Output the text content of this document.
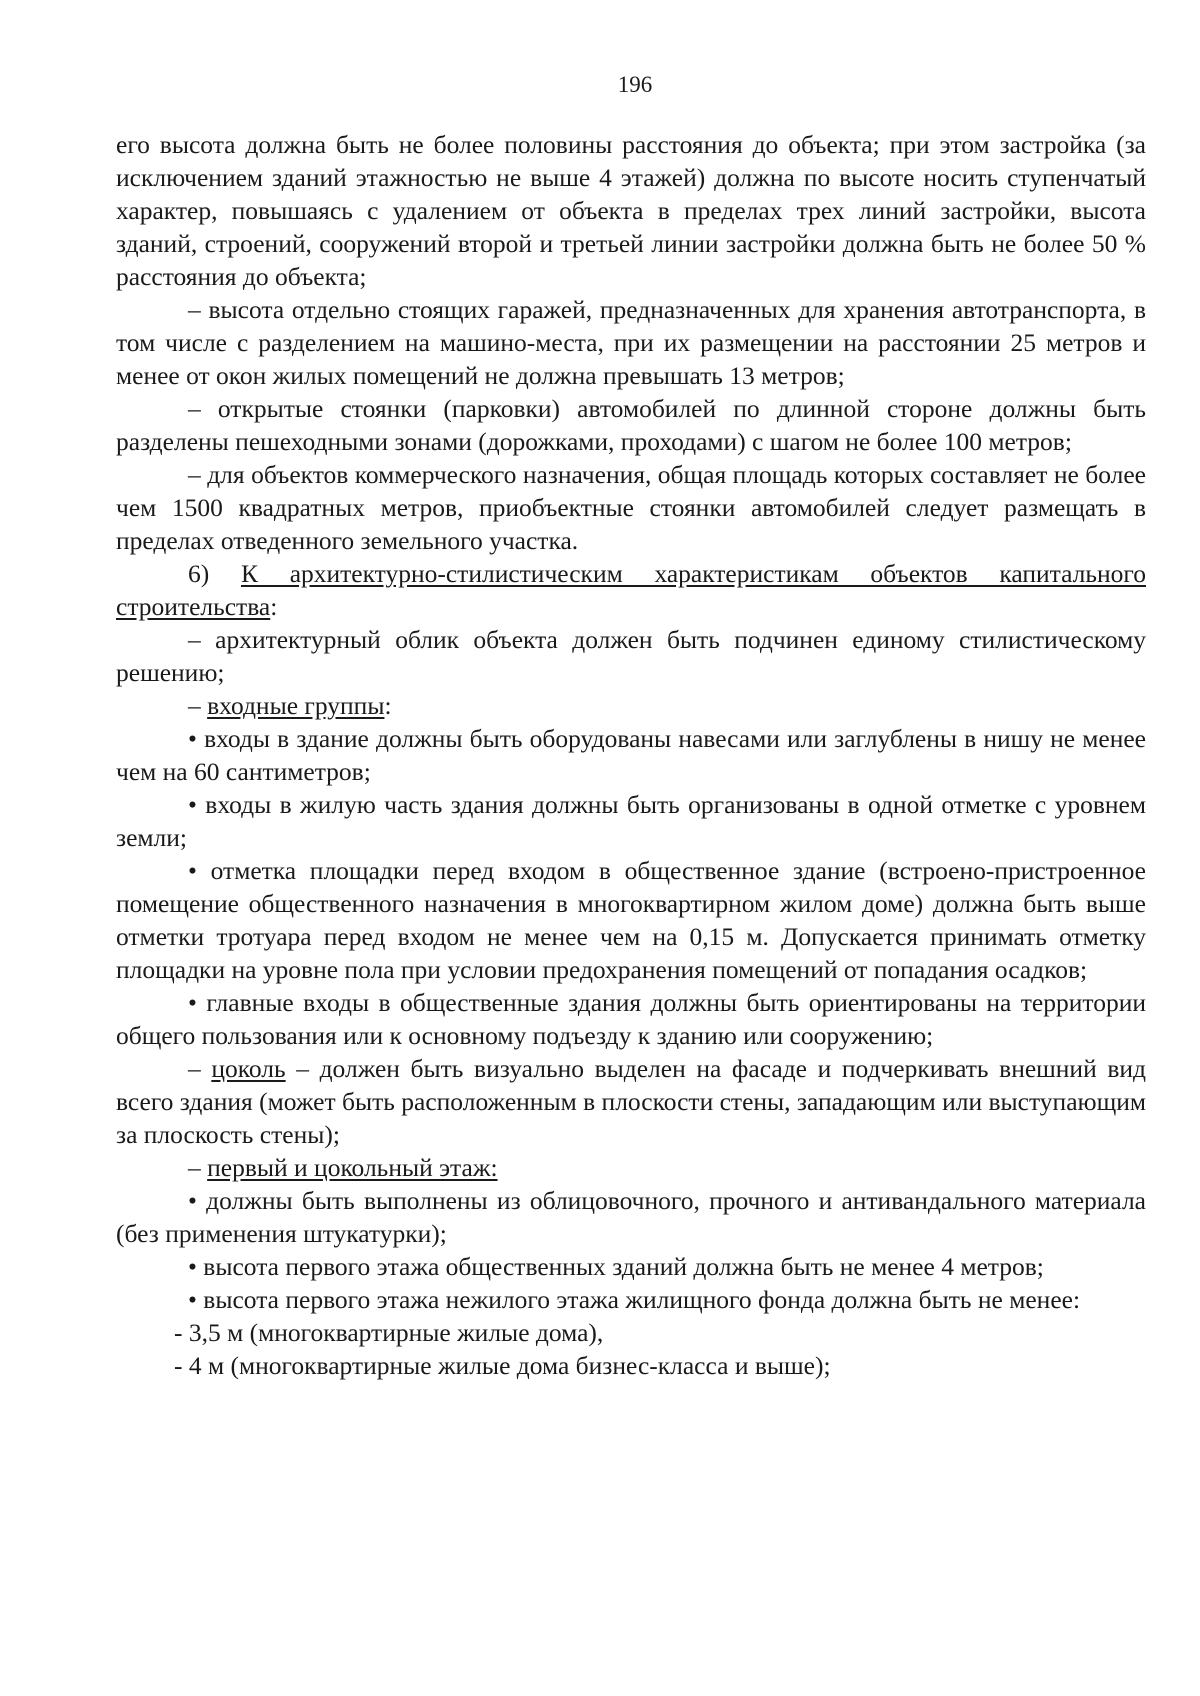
196

его высота должна быть не более половины расстояния до объекта; при этом застройка (за исключением зданий этажностью не выше 4 этажей) должна по высоте носить ступенчатый характер, повышаясь с удалением от объекта в пределах трех линий застройки, высота зданий, строений, сооружений второй и третьей линии застройки должна быть не более 50 % расстояния до объекта;

– высота отдельно стоящих гаражей, предназначенных для хранения автотранспорта, в том числе с разделением на машино-места, при их размещении на расстоянии 25 метров и менее от окон жилых помещений не должна превышать 13 метров;

– открытые стоянки (парковки) автомобилей по длинной стороне должны быть разделены пешеходными зонами (дорожками, проходами) с шагом не более 100 метров;

– для объектов коммерческого назначения, общая площадь которых составляет не более чем 1500 квадратных метров, приобъектные стоянки автомобилей следует размещать в пределах отведенного земельного участка.

6) К архитектурно-стилистическим характеристикам объектов капитального строительства:

– архитектурный облик объекта должен быть подчинен единому стилистическому решению;

– входные группы:

• входы в здание должны быть оборудованы навесами или заглублены в нишу не менее чем на 60 сантиметров;

• входы в жилую часть здания должны быть организованы в одной отметке с уровнем земли;

• отметка площадки перед входом в общественное здание (встроено-пристроенное помещение общественного назначения в многоквартирном жилом доме) должна быть выше отметки тротуара перед входом не менее чем на 0,15 м. Допускается принимать отметку площадки на уровне пола при условии предохранения помещений от попадания осадков;

• главные входы в общественные здания должны быть ориентированы на территории общего пользования или к основному подъезду к зданию или сооружению;

– цоколь – должен быть визуально выделен на фасаде и подчеркивать внешний вид всего здания (может быть расположенным в плоскости стены, западающим или выступающим за плоскость стены);

– первый и цокольный этаж:

• должны быть выполнены из облицовочного, прочного и антивандального материала (без применения штукатурки);

• высота первого этажа общественных зданий должна быть не менее 4 метров;

• высота первого этажа нежилого этажа жилищного фонда должна быть не менее:

- 3,5 м (многоквартирные жилые дома),

- 4 м (многоквартирные жилые дома бизнес-класса и выше);
